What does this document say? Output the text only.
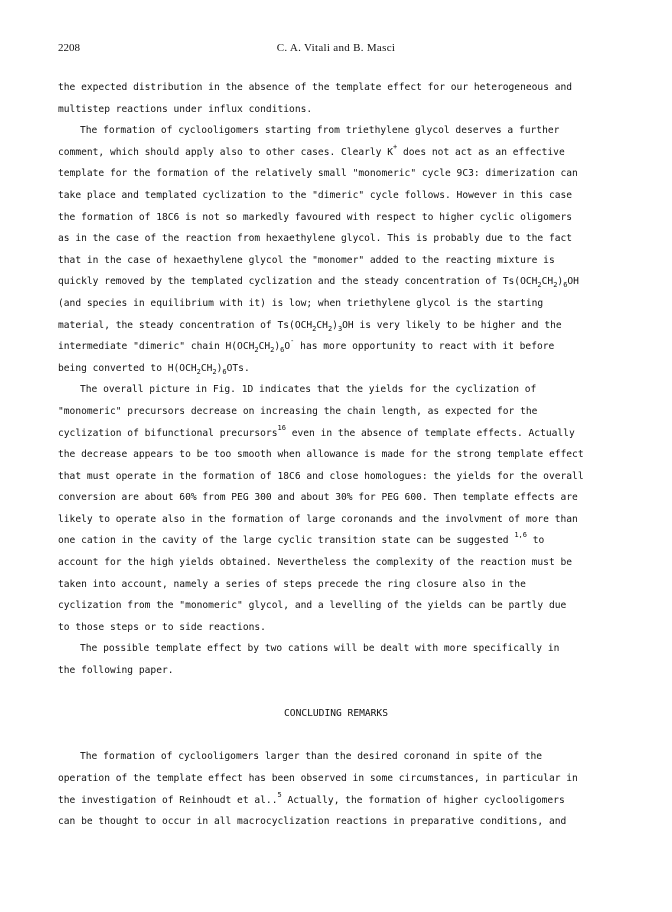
2208	C. A. Vitali and B. Masci
the expected distribution in the absence of the template effect for our heterogeneous and
multistep reactions under influx conditions.
The formation of cyclooligomers starting from triethylene glycol deserves a further
comment, which should apply also to other cases. Clearly K+ does not act as an effective
template for the formation of the relatively small "monomeric" cycle 9C3: dimerization can
take place and templated cyclization to the "dimeric" cycle follows. However in this case
the formation of 18C6 is not so markedly favoured with respect to higher cyclic oligomers
as in the case of the reaction from hexaethylene glycol. This is probably due to the fact
that in the case of hexaethylene glycol the "monomer" added to the reacting mixture is
quickly removed by the templated cyclization and the steady concentration of $Ts(OCH_2CH_2)_6OH$
(and species in equilibrium with it) is low; when triethylene glycol is the starting
material, the steady concentration of $Ts(OCH_2CH_2)_3OH$ is very likely to be higher and the
intermediate "dimeric" chain $H(OCH_2CH_2)_6O^-$ has more opportunity to react with it before
being converted to $H(OCH_2CH_2)_6OTs$.
The overall picture in Fig. 1D indicates that the yields for the cyclization of
"monomeric" precursors decrease on increasing the chain length, as expected for the
cyclization of bifunctional precursors$^{16}$ even in the absence of template effects. Actually
the decrease appears to be too smooth when allowance is made for the strong template effect
that must operate in the formation of 18C6 and close homologues: the yields for the overall
conversion are about 60% from PEG 300 and about 30% for PEG 600. Then template effects are
likely to operate also in the formation of large coronands and the involvment of more than
one cation in the cavity of the large cyclic transition state can be suggested $^{1,6}$ to
account for the high yields obtained. Nevertheless the complexity of the reaction must be
taken into account, namely a series of steps precede the ring closure also in the
cyclization from the "monomeric" glycol, and a levelling of the yields can be partly due
to those steps or to side reactions.
The possible template effect by two cations will be dealt with more specifically in
the following paper.
CONCLUDING REMARKS
The formation of cyclooligomers larger than the desired coronand in spite of the
operation of the template effect has been observed in some circumstances, in particular in
the investigation of Reinhoudt et al..$^5$ Actually, the formation of higher cyclooligomers
can be thought to occur in all macrocyclization reactions in preparative conditions, and
